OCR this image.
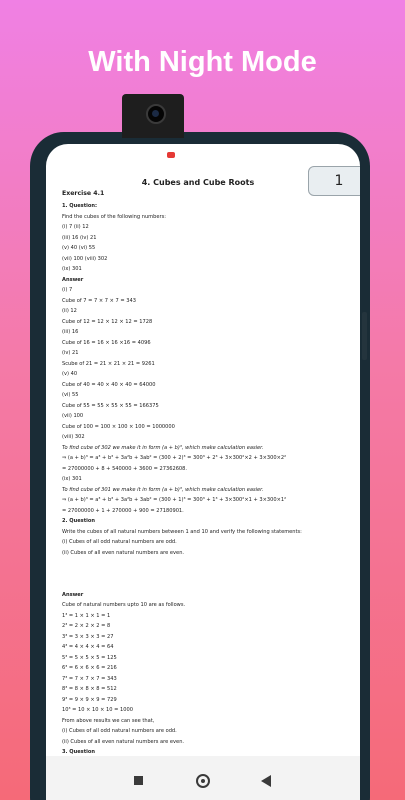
With Night Mode
1
4. Cubes and Cube Roots
Exercise 4.1
1. Question:
Find the cubes of the following numbers:
(i) 7 (ii) 12
(iii) 16 (iv) 21
(v) 40 (vi) 55
(vii) 100 (viii) 302
(ix) 301
Answer
(i) 7
Cube of 7 = 7 × 7 × 7 = 343
(ii) 12
Cube of 12 = 12 × 12 × 12 = 1728
(iii) 16
Cube of 16 = 16 × 16 ×16 = 4096
(iv) 21
Scube of 21 = 21 × 21 × 21 = 9261
(v) 40
Cube of 40 = 40 × 40 × 40 = 64000
(vi) 55
Cube of 55 = 55 × 55 × 55 = 166375
(vii) 100
Cube of 100 = 100 × 100 × 100 = 1000000
(viii) 302
To find cube of 302 we make it in form (a + b)³, which make calculation easier.
⇒ (a + b)³ = a³ + b³ + 3a²b + 3ab² = (300 + 2)³ = 300³ + 2³ + 3×300²×2 + 3×300×2²
= 27000000 + 8 + 540000 + 3600 = 27362608.
(ix) 301
To find cube of 301 we make it in form (a + b)³, which make calculation easier.
⇒ (a + b)³ = a³ + b³ + 3a²b + 3ab² = (300 + 1)³ = 300³ + 1³ + 3×300²×1 + 3×300×1²
= 27000000 + 1 + 270000 + 900 = 27180901.
2. Question
Write the cubes of all natural numbers between 1 and 10 and verify the following statements:
(i) Cubes of all odd natural numbers are odd.
(ii) Cubes of all even natural numbers are even.
Answer
Cube of natural numbers upto 10 are as follows.
1³ = 1 × 1 × 1 = 1
2³ = 2 × 2 × 2 = 8
3³ = 3 × 3 × 3 = 27
4³ = 4 × 4 × 4 = 64
5³ = 5 × 5 × 5 = 125
6³ = 6 × 6 × 6 = 216
7³ = 7 × 7 × 7 = 343
8³ = 8 × 8 × 8 = 512
9³ = 9 × 9 × 9 = 729
10³ = 10 × 10 × 10 = 1000
From above results we can see that,
(i) Cubes of all odd natural numbers are odd.
(ii) Cubes of all even natural numbers are even.
3. Question
